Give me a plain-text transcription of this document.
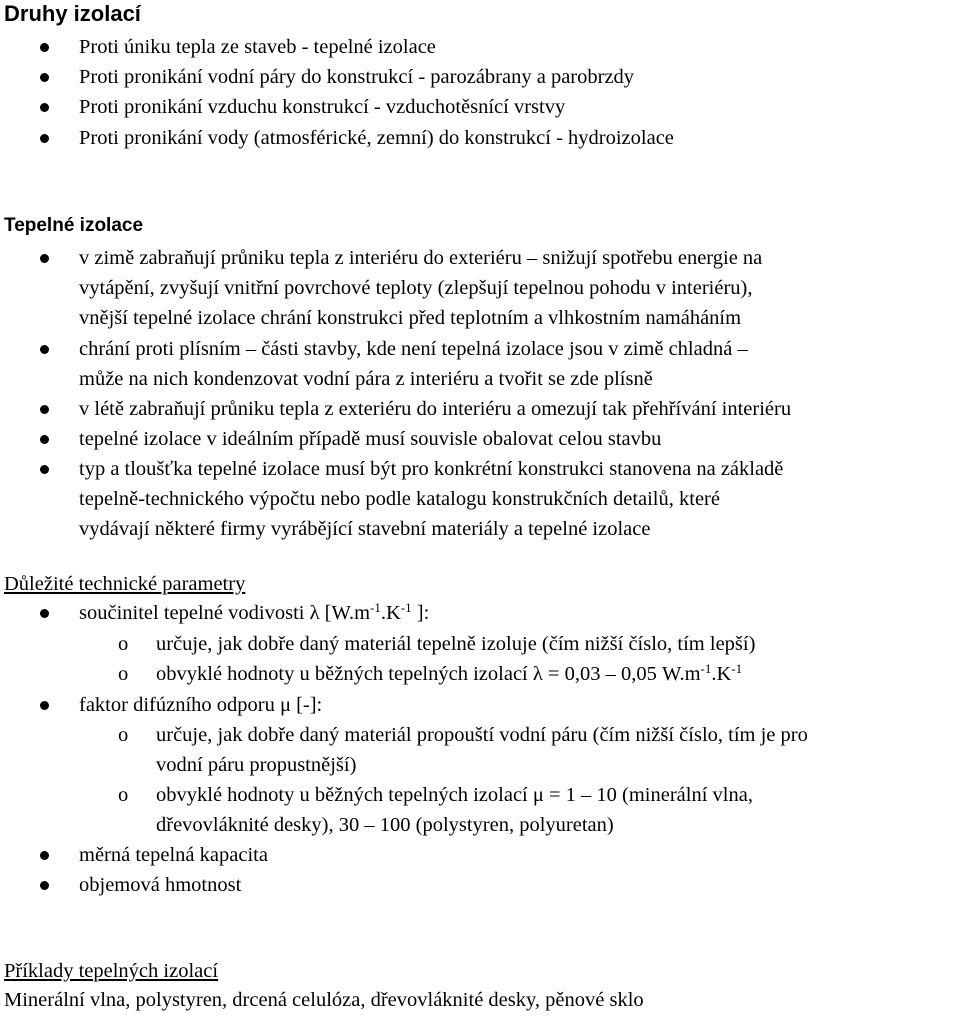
Druhy izolací
Proti úniku tepla ze staveb - tepelné izolace
Proti pronikání vodní páry do konstrukcí - parozábrany a parobrzdy
Proti pronikání vzduchu konstrukcí - vzduchotěsnící vrstvy
Proti pronikání vody (atmosférické, zemní) do konstrukcí - hydroizolace
Tepelné izolace
v zimě zabraňují průniku tepla z interiéru do exteriéru – snižují spotřebu energie na
vytápění, zvyšují vnitřní povrchové teploty (zlepšují tepelnou pohodu v interiéru),
vnější tepelné izolace chrání konstrukci před teplotním a vlhkostním namáháním
chrání proti plísním – části stavby, kde není tepelná izolace jsou v zimě chladná –
může na nich kondenzovat vodní pára z interiéru a tvořit se zde plísně
v létě zabraňují průniku tepla z exteriéru do interiéru a omezují tak přehřívání interiéru
tepelné izolace v ideálním případě musí souvisle obalovat celou stavbu
typ a tloušťka tepelné izolace musí být pro konkrétní konstrukci stanovena na základě
tepelně-technického výpočtu nebo podle katalogu konstrukčních detailů, které
vydávají některé firmy vyrábějící stavební materiály a tepelné izolace
Důležité technické parametry
součinitel tepelné vodivosti λ [$W.m^{-1}.K^{-1}$ ]:
o určuje, jak dobře daný materiál tepelně izoluje (čím nižší číslo, tím lepší)
o obvyklé hodnoty u běžných tepelných izolací λ = 0,03 – 0,05 $W.m^{-1}.K^{-1}$
faktor difúzního odporu μ [-]:
o určuje, jak dobře daný materiál propouští vodní páru (čím nižší číslo, tím je pro
vodní páru propustnější)
o obvyklé hodnoty u běžných tepelných izolací μ = 1 – 10 (minerální vlna,
dřevovláknité desky), 30 – 100 (polystyren, polyuretan)
měrná tepelná kapacita
objemová hmotnost
Příklady tepelných izolací
Minerální vlna, polystyren, drcená celulóza, dřevovláknité desky, pěnové sklo
